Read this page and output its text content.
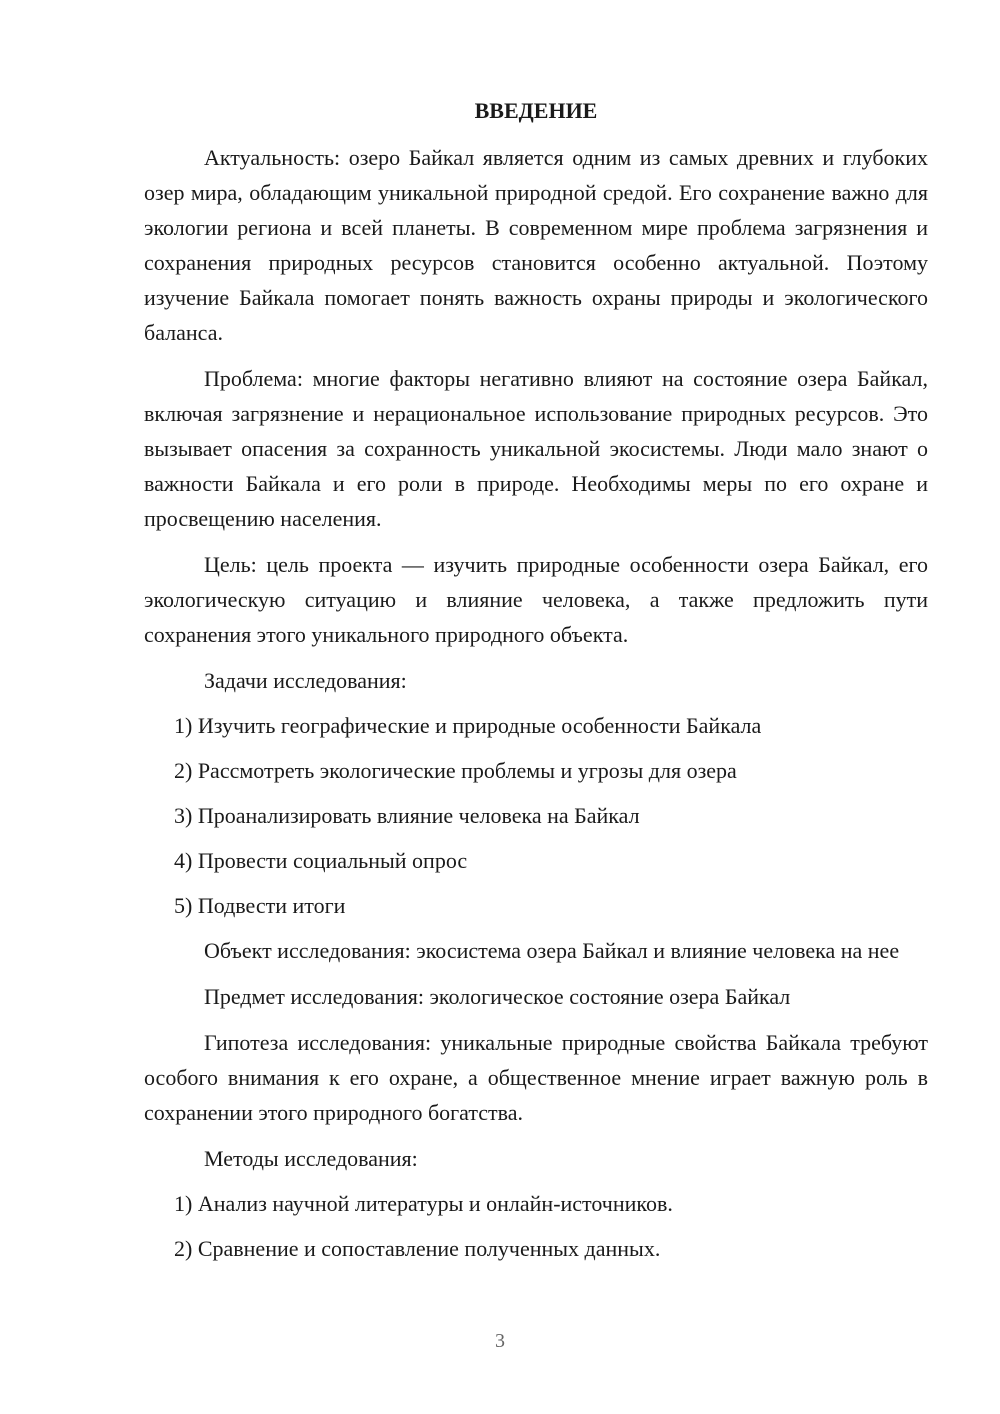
ВВЕДЕНИЕ
Актуальность: озеро Байкал является одним из самых древних и глубоких озер мира, обладающим уникальной природной средой. Его сохранение важно для экологии региона и всей планеты. В современном мире проблема загрязнения и сохранения природных ресурсов становится особенно актуальной. Поэтому изучение Байкала помогает понять важность охраны природы и экологического баланса.
Проблема: многие факторы негативно влияют на состояние озера Байкал, включая загрязнение и нерациональное использование природных ресурсов. Это вызывает опасения за сохранность уникальной экосистемы. Люди мало знают о важности Байкала и его роли в природе. Необходимы меры по его охране и просвещению населения.
Цель: цель проекта — изучить природные особенности озера Байкал, его экологическую ситуацию и влияние человека, а также предложить пути сохранения этого уникального природного объекта.
Задачи исследования:
1) Изучить географические и природные особенности Байкала
2) Рассмотреть экологические проблемы и угрозы для озера
3) Проанализировать влияние человека на Байкал
4) Провести социальный опрос
5) Подвести итоги
Объект исследования: экосистема озера Байкал и влияние человека на нее
Предмет исследования: экологическое состояние озера Байкал
Гипотеза исследования: уникальные природные свойства Байкала требуют особого внимания к его охране, а общественное мнение играет важную роль в сохранении этого природного богатства.
Методы исследования:
1) Анализ научной литературы и онлайн-источников.
2) Сравнение и сопоставление полученных данных.
3
